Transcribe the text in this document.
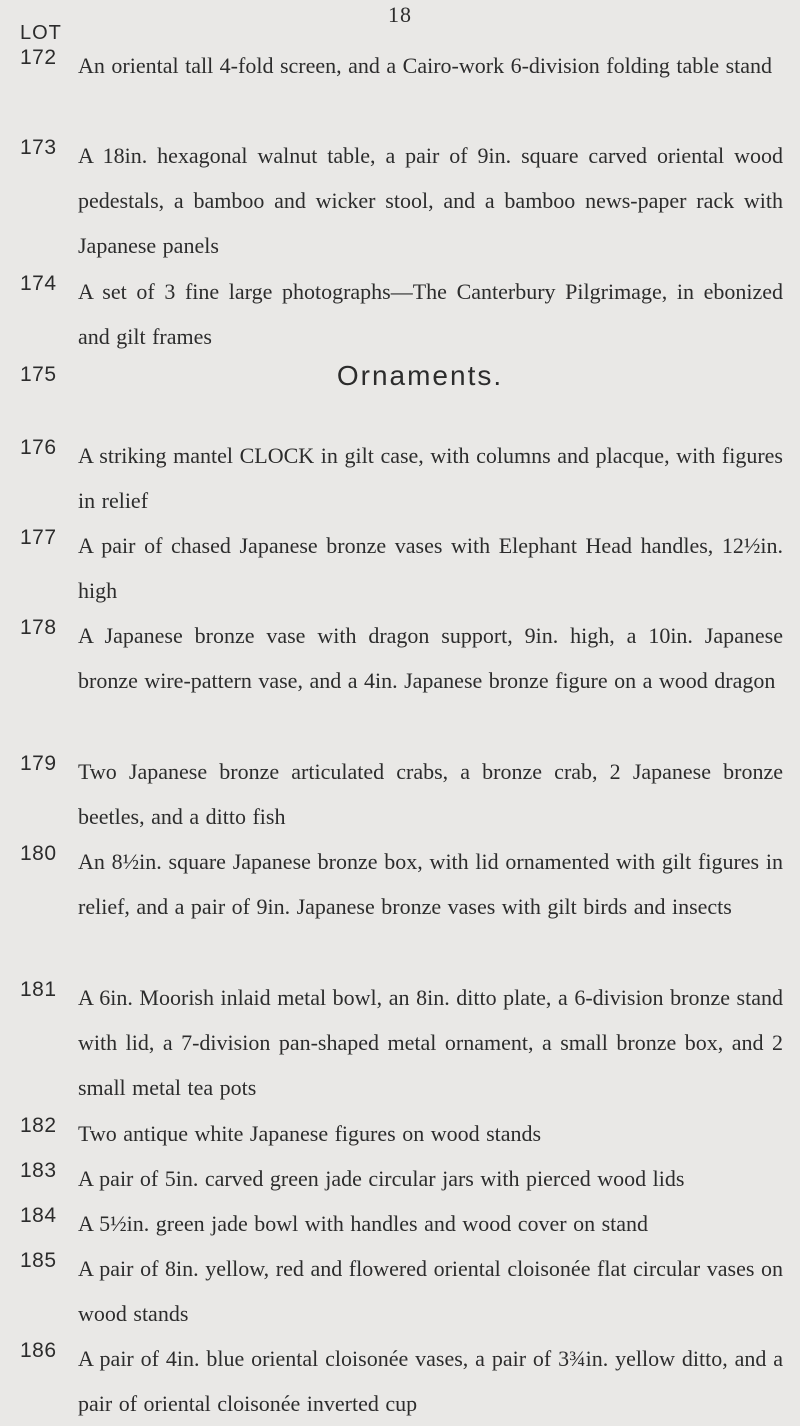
18
LOT
172 An oriental tall 4-fold screen, and a Cairo-work 6-division folding table stand
173 A 18in. hexagonal walnut table, a pair of 9in. square carved oriental wood pedestals, a bamboo and wicker stool, and a bamboo news-paper rack with Japanese panels
174 A set of 3 fine large photographs—The Canterbury Pilgrimage, in ebonized and gilt frames
175	Ornaments.
176 A striking mantel CLOCK in gilt case, with columns and placque, with figures in relief
177 A pair of chased Japanese bronze vases with Elephant Head handles, 12½in. high
178 A Japanese bronze vase with dragon support, 9in. high, a 10in. Japanese bronze wire-pattern vase, and a 4in. Japanese bronze figure on a wood dragon
179 Two Japanese bronze articulated crabs, a bronze crab, 2 Japanese bronze beetles, and a ditto fish
180 An 8½in. square Japanese bronze box, with lid ornamented with gilt figures in relief, and a pair of 9in. Japanese bronze vases with gilt birds and insects
181 A 6in. Moorish inlaid metal bowl, an 8in. ditto plate, a 6-division bronze stand with lid, a 7-division pan-shaped metal ornament, a small bronze box, and 2 small metal tea pots
182 Two antique white Japanese figures on wood stands
183 A pair of 5in. carved green jade circular jars with pierced wood lids
184 A 5½in. green jade bowl with handles and wood cover on stand
185 A pair of 8in. yellow, red and flowered oriental cloisonée flat circular vases on wood stands
186 A pair of 4in. blue oriental cloisonée vases, a pair of 3¾in. yellow ditto, and a pair of oriental cloisonée inverted cup
